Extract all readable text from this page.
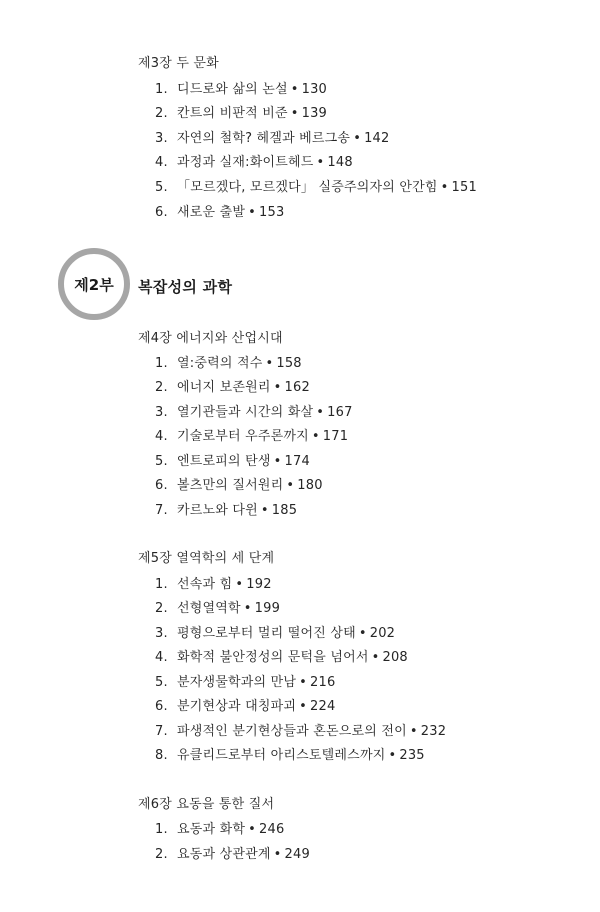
제3장 두 문화
1. 디드로와 삶의 논설 • 130
2. 칸트의 비판적 비준 • 139
3. 자연의 철학? 헤겔과 베르그송 • 142
4. 과정과 실재:화이트헤드 • 148
5. 「모르겠다, 모르겠다」 실증주의자의 안간힘 • 151
6. 새로운 출발 • 153
제2부 복잡성의 과학
제4장 에너지와 산업시대
1. 열:중력의 적수 • 158
2. 에너지 보존원리 • 162
3. 열기관들과 시간의 화살 • 167
4. 기술로부터 우주론까지 • 171
5. 엔트로피의 탄생 • 174
6. 볼츠만의 질서원리 • 180
7. 카르노와 다윈 • 185
제5장 열역학의 세 단계
1. 선속과 힘 • 192
2. 선형열역학 • 199
3. 평형으로부터 멀리 떨어진 상태 • 202
4. 화학적 불안정성의 문턱을 넘어서 • 208
5. 분자생물학과의 만남 • 216
6. 분기현상과 대칭파괴 • 224
7. 파생적인 분기현상들과 혼돈으로의 전이 • 232
8. 유클리드로부터 아리스토텔레스까지 • 235
제6장 요동을 통한 질서
1. 요동과 화학 • 246
2. 요동과 상관관계 • 249
